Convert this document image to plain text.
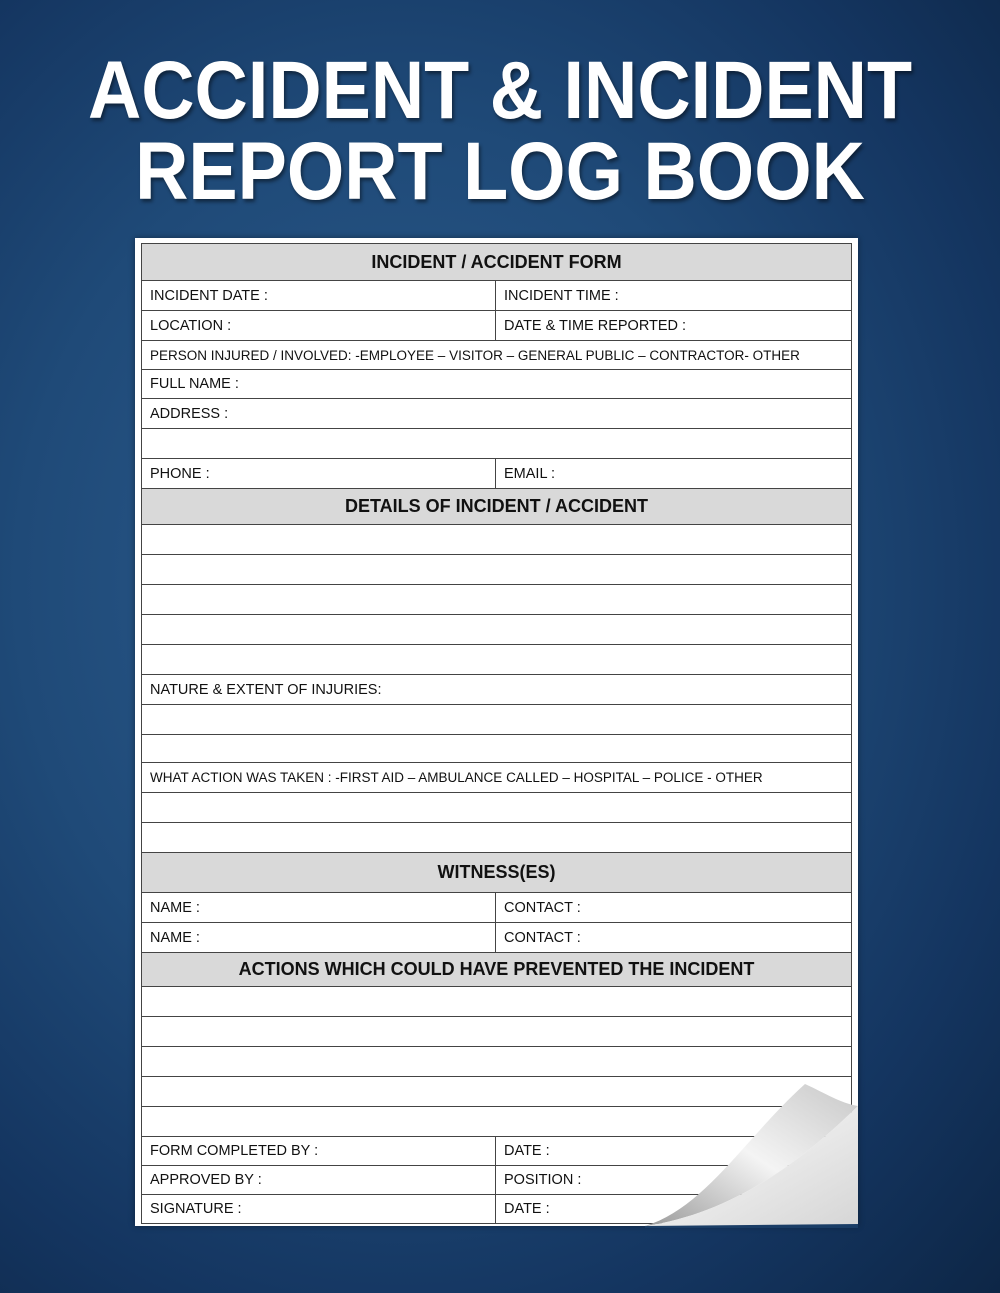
ACCIDENT & INCIDENT
REPORT LOG BOOK
INCIDENT / ACCIDENT FORM
INCIDENT DATE :	INCIDENT TIME :
LOCATION :	DATE & TIME REPORTED :
PERSON INJURED / INVOLVED: -EMPLOYEE – VISITOR – GENERAL PUBLIC – CONTRACTOR- OTHER
FULL NAME :
ADDRESS :
PHONE :	EMAIL :
DETAILS OF INCIDENT / ACCIDENT
NATURE & EXTENT OF INJURIES:
WHAT ACTION WAS TAKEN : -FIRST AID – AMBULANCE CALLED – HOSPITAL – POLICE - OTHER
WITNESS(ES)
NAME :	CONTACT :
NAME :	CONTACT :
ACTIONS WHICH COULD HAVE PREVENTED THE INCIDENT
FORM COMPLETED BY :	DATE :
APPROVED BY :	POSITION :
SIGNATURE :	DATE :
